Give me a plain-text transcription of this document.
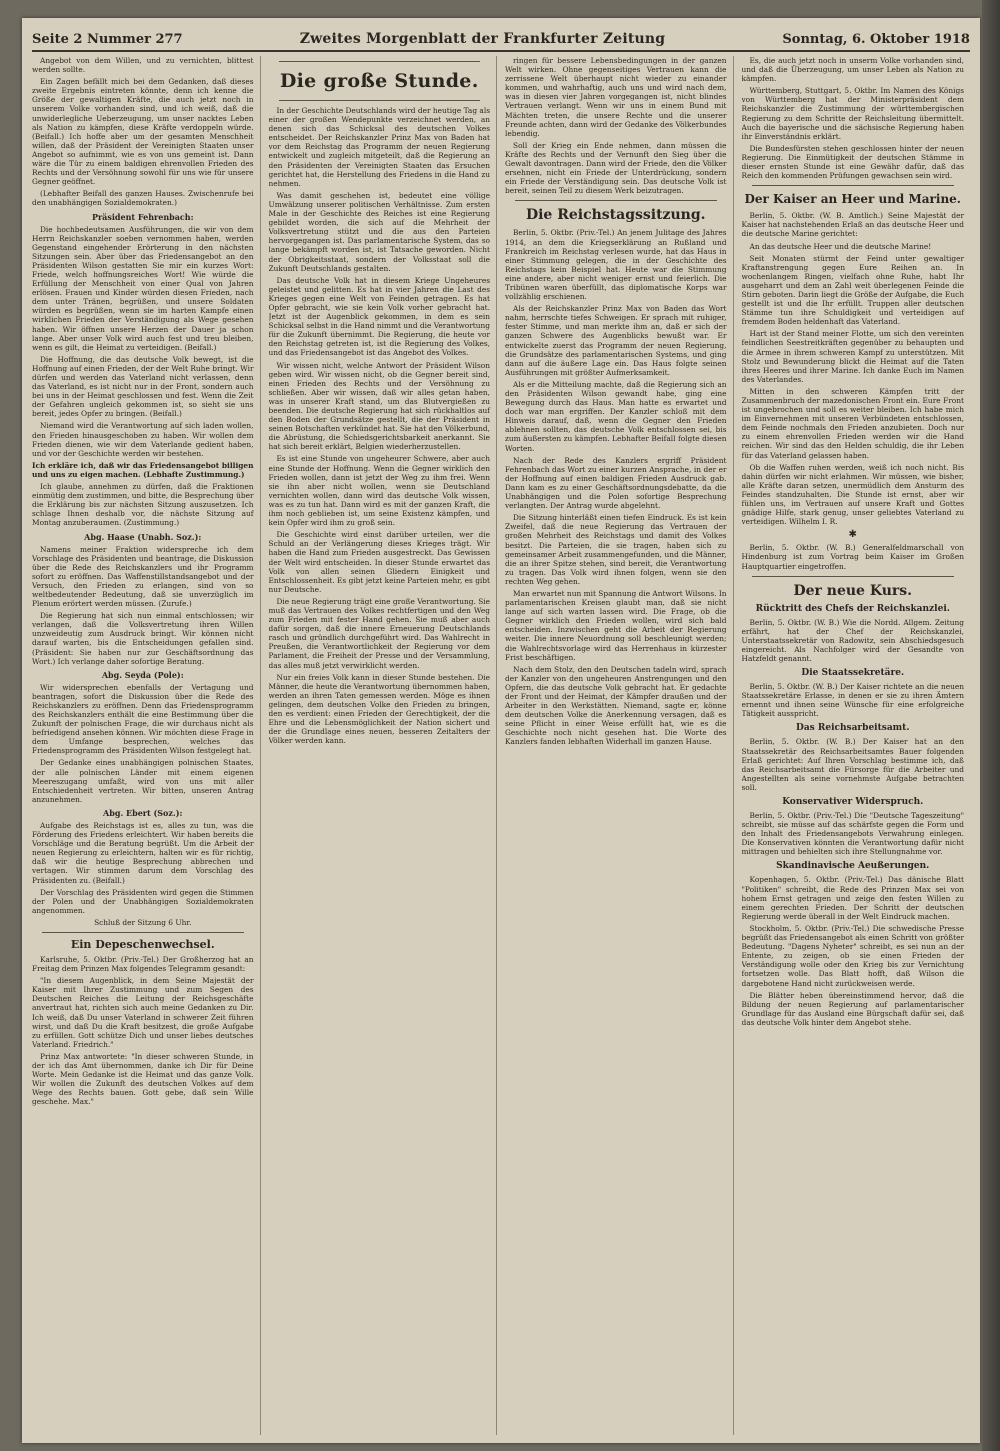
Seite 2 Nummer 277	Zweites Morgenblatt der Frankfurter Zeitung	Sonntag, 6. Oktober 1918

Angebot von dem Willen, und zu vernichten, blittest werden sollte.

Ein Zagen befällt mich bei dem Gedanken, daß dieses zweite Ergebnis eintreten könnte, denn ich kenne die Größe der gewaltigen Kräfte, die auch jetzt noch in unserem Volke vorhanden sind, und ich weiß, daß die unwiderlegliche Ueberzeugung, um unser nacktes Leben als Nation zu kämpfen, diese Kräfte verdoppeln würde. (Beifall.) Ich hoffe aber um der gesamten Menschheit willen, daß der Präsident der Vereinigten Staaten unser Angebot so aufnimmt, wie es von uns gemeint ist. Dann wäre die Tür zu einem baldigen ehrenvollen Frieden des Rechts und der Versöhnung sowohl für uns wie für unsere Gegner geöffnet.

(Lebhafter Beifall des ganzen Hauses. Zwischenrufe bei den unabhängigen Sozialdemokraten.)

Präsident Fehrenbach:

Die hochbedeutsamen Ausführungen, die wir von dem Herrn Reichskanzler soeben vernommen haben, werden Gegenstand eingehender Erörterung in den nächsten Sitzungen sein. Aber über das Friedensangebot an den Präsidenten Wilson gestatten Sie mir ein kurzes Wort: Friede, welch hoffnungsreiches Wort! Wie würde die Erfüllung der Menschheit von einer Qual von Jahren erlösen. Frauen und Kinder würden diesen Frieden, nach dem unter Tränen, begrüßen, und unsere Soldaten würden es begrüßen, wenn sie im harten Kampfe einen wirklichen Frieden der Verständigung als Wege gesehen haben. Wir öffnen unsere Herzen der Dauer ja schon lange. Aber unser Volk wird auch fest und treu bleiben, wenn es gilt, die Heimat zu verteidigen. (Beifall.)

Die Hoffnung, die das deutsche Volk bewegt, ist die Hoffnung auf einen Frieden, der der Welt Ruhe bringt. Wir dürfen und werden das Vaterland nicht verlassen, denn das Vaterland, es ist nicht nur in der Front, sondern auch bei uns in der Heimat geschlossen und fest. Wenn die Zeit der Gefahren ungleich gekommen ist, so sieht sie uns bereit, jedes Opfer zu bringen. (Beifall.)

Niemand wird die Verantwortung auf sich laden wollen, den Frieden hinausgeschoben zu haben. Wir wollen dem Frieden dienen, wie wir dem Vaterlande gedient haben, und vor der Geschichte werden wir bestehen.

Ich erkläre ich, daß wir das Friedensangebot billigen und uns zu eigen machen. (Lebhafte Zustimmung.)

Ich glaube, annehmen zu dürfen, daß die Fraktionen einmütig dem zustimmen, und bitte, die Besprechung über die Erklärung bis zur nächsten Sitzung auszusetzen. Ich schlage Ihnen deshalb vor, die nächste Sitzung auf Montag anzuberaumen. (Zustimmung.)

Abg. Haase (Unabh. Soz.):

Namens meiner Fraktion widerspreche ich dem Vorschlage des Präsidenten und beantrage, die Diskussion über die Rede des Reichskanzlers und ihr Programm sofort zu eröffnen. Das Waffenstillstandsangebot und der Versuch, den Frieden zu erlangen, sind von so weltbedeutender Bedeutung, daß sie unverzüglich im Plenum erörtert werden müssen. (Zurufe.)

Die Regierung hat sich nun einmal entschlossen; wir verlangen, daß die Volksvertretung ihren Willen unzweideutig zum Ausdruck bringt. Wir können nicht darauf warten, bis die Entscheidungen gefallen sind. (Präsident: Sie haben nur zur Geschäftsordnung das Wort.) Ich verlange daher sofortige Beratung.

Abg. Seyda (Pole):

Wir widersprechen ebenfalls der Vertagung und beantragen, sofort die Diskussion über die Rede des Reichskanzlers zu eröffnen. Denn das Friedensprogramm des Reichskanzlers enthält die eine Bestimmung über die Zukunft der polnischen Frage, die wir durchaus nicht als befriedigend ansehen können. Wir möchten diese Frage in dem Umfange besprechen, welches das Friedensprogramm des Präsidenten Wilson festgelegt hat.

Der Gedanke eines unabhängigen polnischen Staates, der alle polnischen Länder mit einem eigenen Meereszugang umfaßt, wird von uns mit aller Entschiedenheit vertreten. Wir bitten, unseren Antrag anzunehmen.

Abg. Ebert (Soz.):

Aufgabe des Reichstags ist es, alles zu tun, was die Förderung des Friedens erleichtert. Wir haben bereits die Vorschläge und die Beratung begrüßt. Um die Arbeit der neuen Regierung zu erleichtern, halten wir es für richtig, daß wir die heutige Besprechung abbrechen und vertagen. Wir stimmen darum dem Vorschlag des Präsidenten zu. (Beifall.)

Der Vorschlag des Präsidenten wird gegen die Stimmen der Polen und der Unabhängigen Sozialdemokraten angenommen.

Schluß der Sitzung 6 Uhr.

Ein Depeschenwechsel.

Karlsruhe, 5. Oktbr. (Priv.-Tel.) Der Großherzog hat an Freitag dem Prinzen Max folgendes Telegramm gesandt:

"In diesem Augenblick, in dem Seine Majestät der Kaiser mit Ihrer Zustimmung und zum Segen des Deutschen Reiches die Leitung der Reichsgeschäfte anvertraut hat, richten sich auch meine Gedanken zu Dir. Ich weiß, daß Du unser Vaterland in schwerer Zeit führen wirst, und daß Du die Kraft besitzest, die große Aufgabe zu erfüllen. Gott schütze Dich und unser liebes deutsches Vaterland. Friedrich."

Prinz Max antwortete: "In dieser schweren Stunde, in der ich das Amt übernommen, danke ich Dir für Deine Worte. Mein Gedanke ist die Heimat und das ganze Volk. Wir wollen die Zukunft des deutschen Volkes auf dem Wege des Rechts bauen. Gott gebe, daß sein Wille geschehe. Max."

Die große Stunde.

In der Geschichte Deutschlands wird der heutige Tag als einer der großen Wendepunkte verzeichnet werden, an denen sich das Schicksal des deutschen Volkes entscheidet. Der Reichskanzler Prinz Max von Baden hat vor dem Reichstag das Programm der neuen Regierung entwickelt und zugleich mitgeteilt, daß die Regierung an den Präsidenten der Vereinigten Staaten das Ersuchen gerichtet hat, die Herstellung des Friedens in die Hand zu nehmen.

Was damit geschehen ist, bedeutet eine völlige Umwälzung unserer politischen Verhältnisse. Zum ersten Male in der Geschichte des Reiches ist eine Regierung gebildet worden, die sich auf die Mehrheit der Volksvertretung stützt und die aus den Parteien hervorgegangen ist. Das parlamentarische System, das so lange bekämpft worden ist, ist Tatsache geworden. Nicht der Obrigkeitsstaat, sondern der Volksstaat soll die Zukunft Deutschlands gestalten.

Das deutsche Volk hat in diesem Kriege Ungeheures geleistet und gelitten. Es hat in vier Jahren die Last des Krieges gegen eine Welt von Feinden getragen. Es hat Opfer gebracht, wie sie kein Volk vorher gebracht hat. Jetzt ist der Augenblick gekommen, in dem es sein Schicksal selbst in die Hand nimmt und die Verantwortung für die Zukunft übernimmt. Die Regierung, die heute vor den Reichstag getreten ist, ist die Regierung des Volkes, und das Friedensangebot ist das Angebot des Volkes.

Wir wissen nicht, welche Antwort der Präsident Wilson geben wird. Wir wissen nicht, ob die Gegner bereit sind, einen Frieden des Rechts und der Versöhnung zu schließen. Aber wir wissen, daß wir alles getan haben, was in unserer Kraft stand, um das Blutvergießen zu beenden. Die deutsche Regierung hat sich rückhaltlos auf den Boden der Grundsätze gestellt, die der Präsident in seinen Botschaften verkündet hat. Sie hat den Völkerbund, die Abrüstung, die Schiedsgerichtsbarkeit anerkannt. Sie hat sich bereit erklärt, Belgien wiederherzustellen.

Es ist eine Stunde von ungeheurer Schwere, aber auch eine Stunde der Hoffnung. Wenn die Gegner wirklich den Frieden wollen, dann ist jetzt der Weg zu ihm frei. Wenn sie ihn aber nicht wollen, wenn sie Deutschland vernichten wollen, dann wird das deutsche Volk wissen, was es zu tun hat. Dann wird es mit der ganzen Kraft, die ihm noch geblieben ist, um seine Existenz kämpfen, und kein Opfer wird ihm zu groß sein.

Die Geschichte wird einst darüber urteilen, wer die Schuld an der Verlängerung dieses Krieges trägt. Wir haben die Hand zum Frieden ausgestreckt. Das Gewissen der Welt wird entscheiden. In dieser Stunde erwartet das Volk von allen seinen Gliedern Einigkeit und Entschlossenheit. Es gibt jetzt keine Parteien mehr, es gibt nur Deutsche.

Die neue Regierung trägt eine große Verantwortung. Sie muß das Vertrauen des Volkes rechtfertigen und den Weg zum Frieden mit fester Hand gehen. Sie muß aber auch dafür sorgen, daß die innere Erneuerung Deutschlands rasch und gründlich durchgeführt wird. Das Wahlrecht in Preußen, die Verantwortlichkeit der Regierung vor dem Parlament, die Freiheit der Presse und der Versammlung, das alles muß jetzt verwirklicht werden.

Nur ein freies Volk kann in dieser Stunde bestehen. Die Männer, die heute die Verantwortung übernommen haben, werden an ihren Taten gemessen werden. Möge es ihnen gelingen, dem deutschen Volke den Frieden zu bringen, den es verdient: einen Frieden der Gerechtigkeit, der die Ehre und die Lebensmöglichkeit der Nation sichert und der die Grundlage eines neuen, besseren Zeitalters der Völker werden kann.

ringen für bessere Lebensbedingungen in der ganzen Welt wirken. Ohne gegenseitiges Vertrauen kann die zerrissene Welt überhaupt nicht wieder zu einander kommen, und wahrhaftig, auch uns und wird nach dem, was in diesen vier Jahren vorgegangen ist, nicht blindes Vertrauen verlangt. Wenn wir uns in einem Bund mit Mächten treten, die unsere Rechte und die unserer Freunde achten, dann wird der Gedanke des Völkerbundes lebendig.

Soll der Krieg ein Ende nehmen, dann müssen die Kräfte des Rechts und der Vernunft den Sieg über die Gewalt davontragen. Dann wird der Friede, den die Völker ersehnen, nicht ein Friede der Unterdrückung, sondern ein Friede der Verständigung sein. Das deutsche Volk ist bereit, seinen Teil zu diesem Werk beizutragen.

Die Reichstagssitzung.

Berlin, 5. Oktbr. (Priv.-Tel.) An jenem Julitage des Jahres 1914, an dem die Kriegserklärung an Rußland und Frankreich im Reichstag verlesen wurde, hat das Haus in einer Stimmung gelegen, die in der Geschichte des Reichstags kein Beispiel hat. Heute war die Stimmung eine andere, aber nicht weniger ernst und feierlich. Die Tribünen waren überfüllt, das diplomatische Korps war vollzählig erschienen.

Als der Reichskanzler Prinz Max von Baden das Wort nahm, herrschte tiefes Schweigen. Er sprach mit ruhiger, fester Stimme, und man merkte ihm an, daß er sich der ganzen Schwere des Augenblicks bewußt war. Er entwickelte zuerst das Programm der neuen Regierung, die Grundsätze des parlamentarischen Systems, und ging dann auf die äußere Lage ein. Das Haus folgte seinen Ausführungen mit größter Aufmerksamkeit.

Als er die Mitteilung machte, daß die Regierung sich an den Präsidenten Wilson gewandt habe, ging eine Bewegung durch das Haus. Man hatte es erwartet und doch war man ergriffen. Der Kanzler schloß mit dem Hinweis darauf, daß, wenn die Gegner den Frieden ablehnen sollten, das deutsche Volk entschlossen sei, bis zum äußersten zu kämpfen. Lebhafter Beifall folgte diesen Worten.

Nach der Rede des Kanzlers ergriff Präsident Fehrenbach das Wort zu einer kurzen Ansprache, in der er der Hoffnung auf einen baldigen Frieden Ausdruck gab. Dann kam es zu einer Geschäftsordnungsdebatte, da die Unabhängigen und die Polen sofortige Besprechung verlangten. Der Antrag wurde abgelehnt.

Die Sitzung hinterläßt einen tiefen Eindruck. Es ist kein Zweifel, daß die neue Regierung das Vertrauen der großen Mehrheit des Reichstags und damit des Volkes besitzt. Die Parteien, die sie tragen, haben sich zu gemeinsamer Arbeit zusammengefunden, und die Männer, die an ihrer Spitze stehen, sind bereit, die Verantwortung zu tragen. Das Volk wird ihnen folgen, wenn sie den rechten Weg gehen.

Man erwartet nun mit Spannung die Antwort Wilsons. In parlamentarischen Kreisen glaubt man, daß sie nicht lange auf sich warten lassen wird. Die Frage, ob die Gegner wirklich den Frieden wollen, wird sich bald entscheiden. Inzwischen geht die Arbeit der Regierung weiter. Die innere Neuordnung soll beschleunigt werden; die Wahlrechtsvorlage wird das Herrenhaus in kürzester Frist beschäftigen.

Nach dem Stolz, den den Deutschen tadeln wird, sprach der Kanzler von den ungeheuren Anstrengungen und den Opfern, die das deutsche Volk gebracht hat. Er gedachte der Front und der Heimat, der Kämpfer draußen und der Arbeiter in den Werkstätten. Niemand, sagte er, könne dem deutschen Volke die Anerkennung versagen, daß es seine Pflicht in einer Weise erfüllt hat, wie es die Geschichte noch nicht gesehen hat. Die Worte des Kanzlers fanden lebhaften Widerhall im ganzen Hause.

Es, die auch jetzt noch in unserm Volke vorhanden sind, und daß die Überzeugung, um unser Leben als Nation zu kämpfen.

Württemberg, Stuttgart, 5. Oktbr. Im Namen des Königs von Württemberg hat der Ministerpräsident dem Reichskanzler die Zustimmung der württembergischen Regierung zu dem Schritte der Reichsleitung übermittelt. Auch die bayerische und die sächsische Regierung haben ihr Einverständnis erklärt.

Die Bundesfürsten stehen geschlossen hinter der neuen Regierung. Die Einmütigkeit der deutschen Stämme in dieser ernsten Stunde ist eine Gewähr dafür, daß das Reich den kommenden Prüfungen gewachsen sein wird.

Der Kaiser an Heer und Marine.

Berlin, 5. Oktbr. (W. B. Amtlich.) Seine Majestät der Kaiser hat nachstehenden Erlaß an das deutsche Heer und die deutsche Marine gerichtet:

An das deutsche Heer und die deutsche Marine!

Seit Monaten stürmt der Feind unter gewaltiger Kraftanstrengung gegen Eure Reihen an. In wochenlangem Ringen, vielfach ohne Ruhe, habt Ihr ausgeharrt und dem an Zahl weit überlegenen Feinde die Stirn geboten. Darin liegt die Größe der Aufgabe, die Euch gestellt ist und die Ihr erfüllt. Truppen aller deutschen Stämme tun ihre Schuldigkeit und verteidigen auf fremdem Boden heldenhaft das Vaterland.

Hart ist der Stand meiner Flotte, um sich den vereinten feindlichen Seestreitkräften gegenüber zu behaupten und die Armee in ihrem schweren Kampf zu unterstützen. Mit Stolz und Bewunderung blickt die Heimat auf die Taten ihres Heeres und ihrer Marine. Ich danke Euch im Namen des Vaterlandes.

Mitten in den schweren Kämpfen tritt der Zusammenbruch der mazedonischen Front ein. Eure Front ist ungebrochen und soll es weiter bleiben. Ich habe mich im Einvernehmen mit unseren Verbündeten entschlossen, dem Feinde nochmals den Frieden anzubieten. Doch nur zu einem ehrenvollen Frieden werden wir die Hand reichen. Wir sind das den Helden schuldig, die ihr Leben für das Vaterland gelassen haben.

Ob die Waffen ruhen werden, weiß ich noch nicht. Bis dahin dürfen wir nicht erlahmen. Wir müssen, wie bisher, alle Kräfte daran setzen, unermüdlich dem Ansturm des Feindes standzuhalten. Die Stunde ist ernst, aber wir fühlen uns, im Vertrauen auf unsere Kraft und Gottes gnädige Hilfe, stark genug, unser geliebtes Vaterland zu verteidigen. Wilhelm I. R.

✱

Berlin, 5. Oktbr. (W. B.) Generalfeldmarschall von Hindenburg ist zum Vortrag beim Kaiser im Großen Hauptquartier eingetroffen.

Der neue Kurs.
Rücktritt des Chefs der Reichskanzlei.

Berlin, 5. Oktbr. (W. B.) Wie die Nordd. Allgem. Zeitung erfährt, hat der Chef der Reichskanzlei, Unterstaatssekretär von Radowitz, sein Abschiedsgesuch eingereicht. Als Nachfolger wird der Gesandte von Hatzfeldt genannt.

Die Staatssekretäre.

Berlin, 5. Oktbr. (W. B.) Der Kaiser richtete an die neuen Staatssekretäre Erlasse, in denen er sie zu ihren Ämtern ernennt und ihnen seine Wünsche für eine erfolgreiche Tätigkeit ausspricht.

Das Reichsarbeitsamt.

Berlin, 5. Oktbr. (W. B.) Der Kaiser hat an den Staatssekretär des Reichsarbeitsamtes Bauer folgenden Erlaß gerichtet: Auf Ihren Vorschlag bestimme ich, daß das Reichsarbeitsamt die Fürsorge für die Arbeiter und Angestellten als seine vornehmste Aufgabe betrachten soll.

Konservativer Widerspruch.

Berlin, 5. Oktbr. (Priv.-Tel.) Die "Deutsche Tageszeitung" schreibt, sie müsse auf das schärfste gegen die Form und den Inhalt des Friedensangebots Verwahrung einlegen. Die Konservativen könnten die Verantwortung dafür nicht mittragen und behielten sich ihre Stellungnahme vor.

Skandinavische Aeußerungen.

Kopenhagen, 5. Oktbr. (Priv.-Tel.) Das dänische Blatt "Politiken" schreibt, die Rede des Prinzen Max sei von hohem Ernst getragen und zeige den festen Willen zu einem gerechten Frieden. Der Schritt der deutschen Regierung werde überall in der Welt Eindruck machen.

Stockholm, 5. Oktbr. (Priv.-Tel.) Die schwedische Presse begrüßt das Friedensangebot als einen Schritt von größter Bedeutung. "Dagens Nyheter" schreibt, es sei nun an der Entente, zu zeigen, ob sie einen Frieden der Verständigung wolle oder den Krieg bis zur Vernichtung fortsetzen wolle. Das Blatt hofft, daß Wilson die dargebotene Hand nicht zurückweisen werde.

Die Blätter heben übereinstimmend hervor, daß die Bildung der neuen Regierung auf parlamentarischer Grundlage für das Ausland eine Bürgschaft dafür sei, daß das deutsche Volk hinter dem Angebot stehe.
